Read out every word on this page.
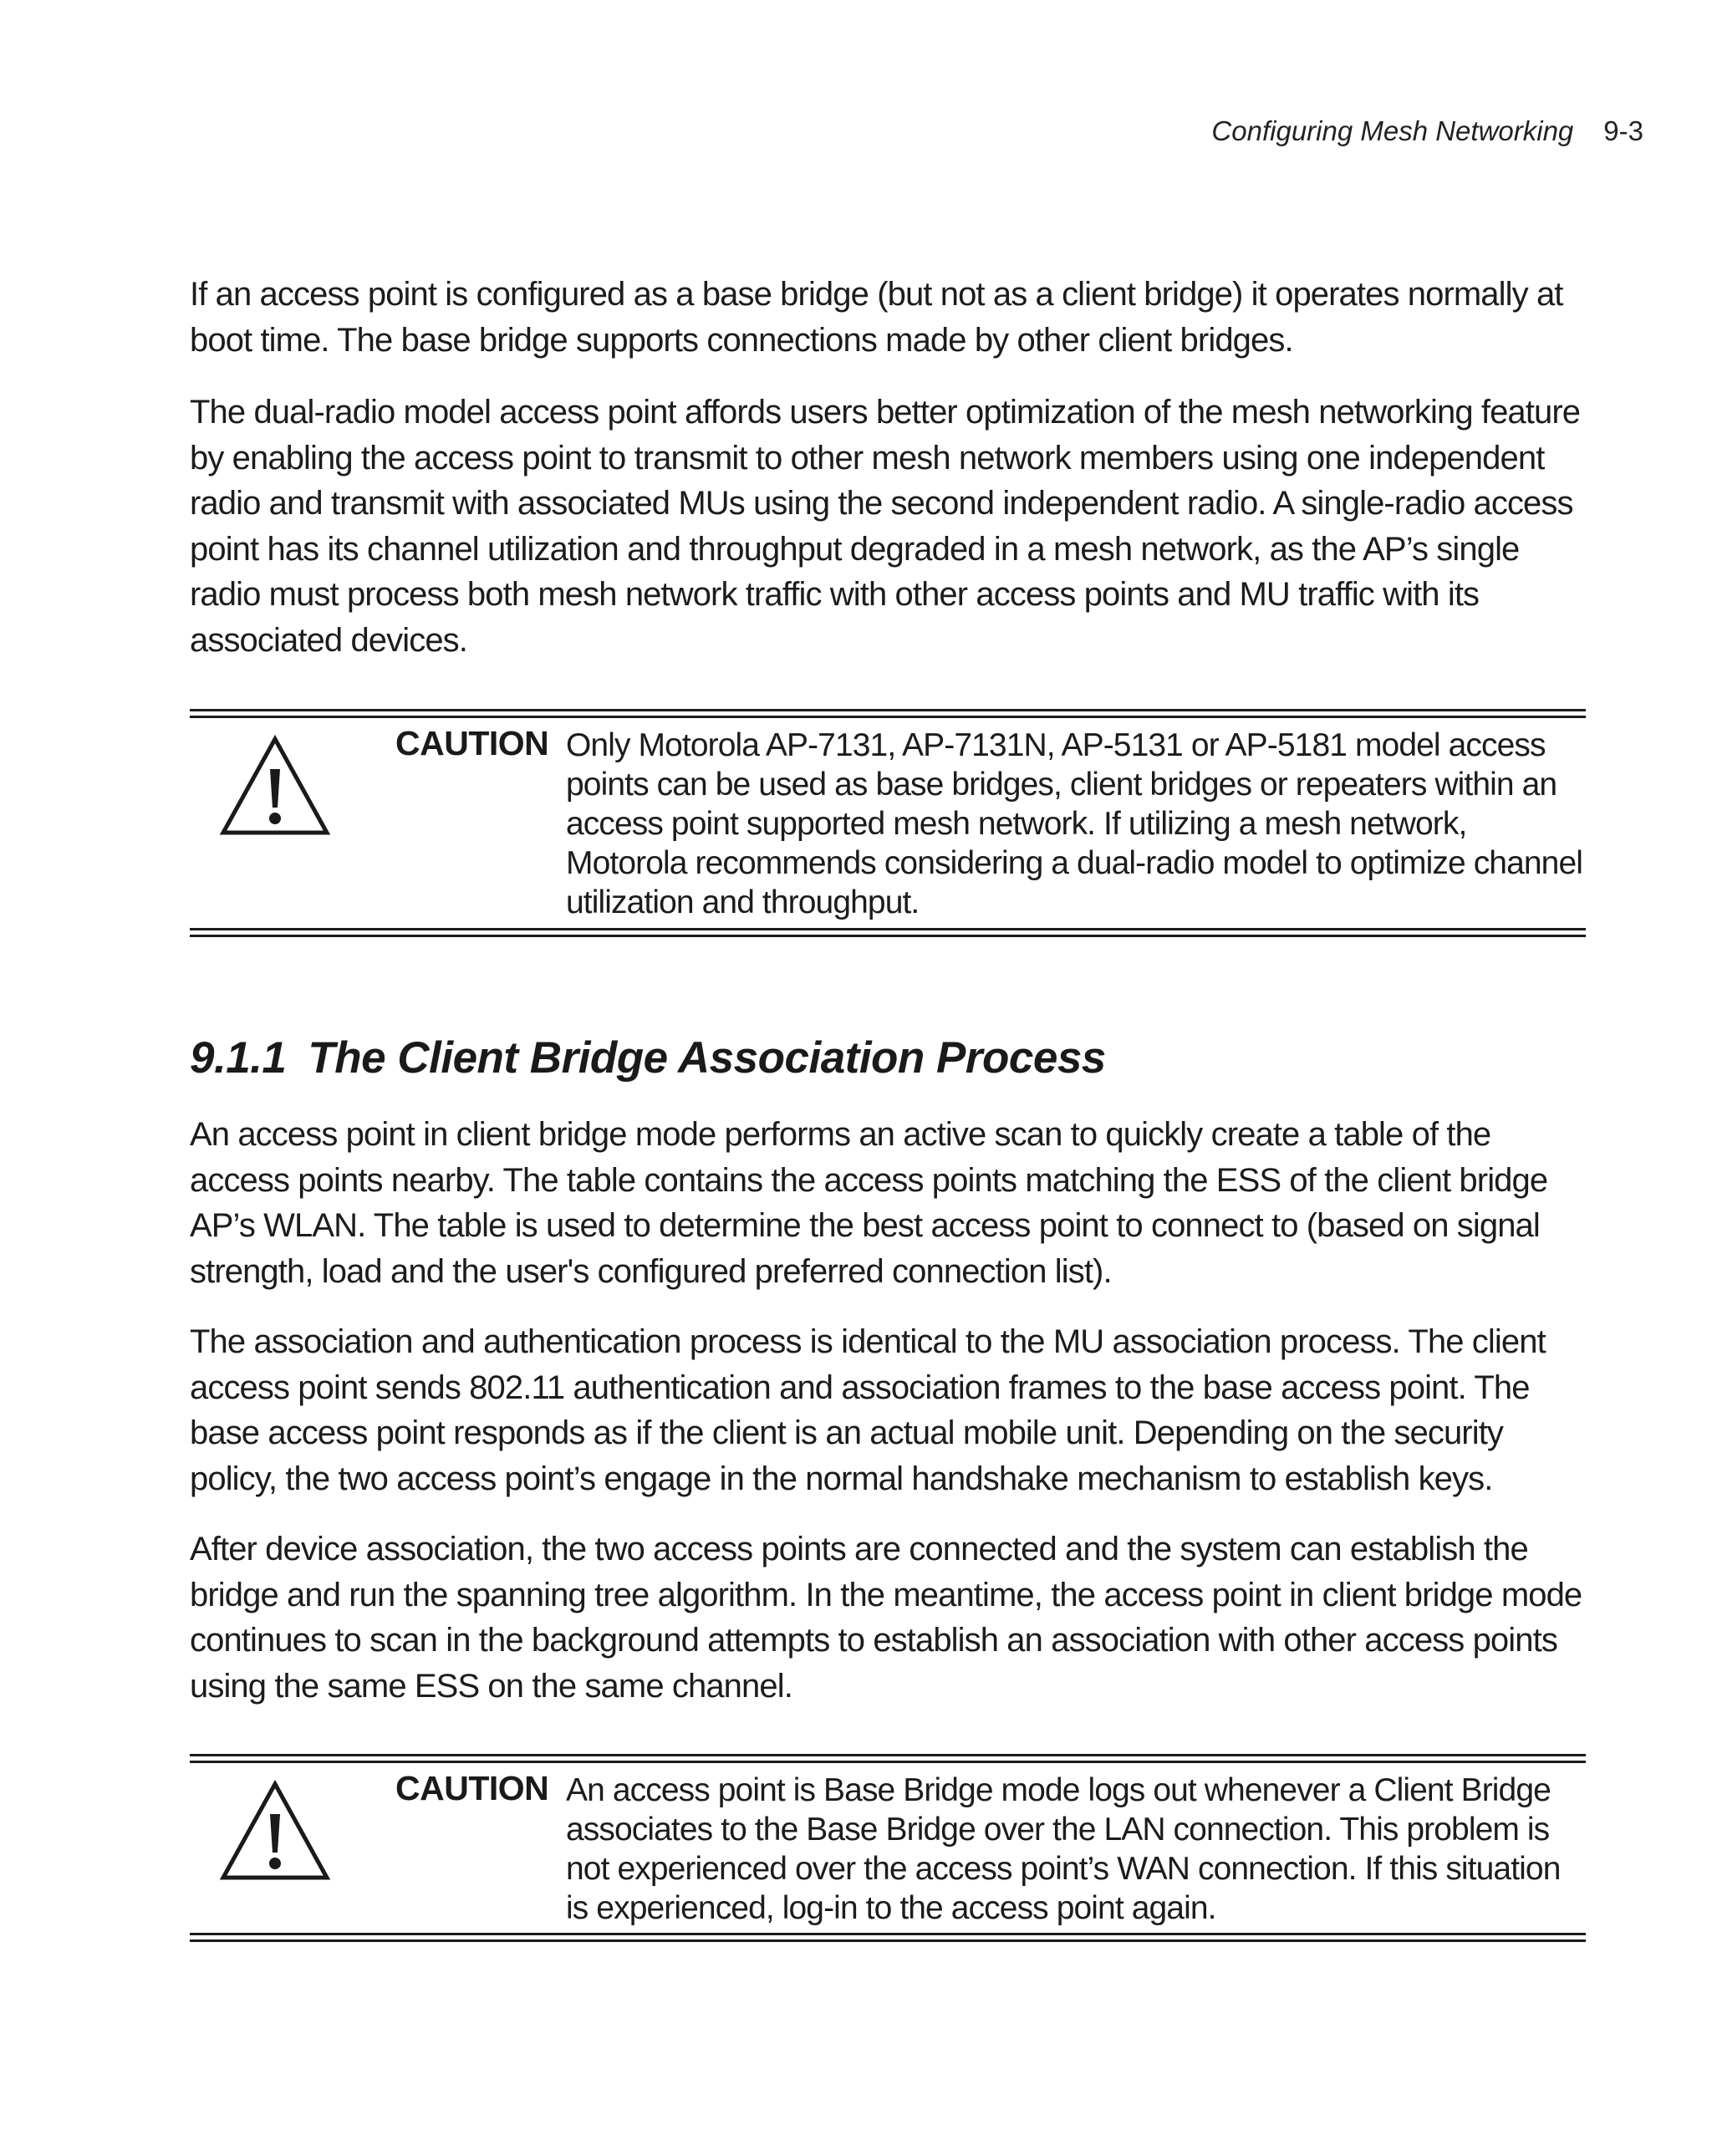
Configuring Mesh Networking 9-3

If an access point is configured as a base bridge (but not as a client bridge) it operates normally at boot time. The base bridge supports connections made by other client bridges.

The dual-radio model access point affords users better optimization of the mesh networking feature by enabling the access point to transmit to other mesh network members using one independent radio and transmit with associated MUs using the second independent radio. A single-radio access point has its channel utilization and throughput degraded in a mesh network, as the AP’s single radio must process both mesh network traffic with other access points and MU traffic with its associated devices.

CAUTION Only Motorola AP-7131, AP-7131N, AP-5131 or AP-5181 model access points can be used as base bridges, client bridges or repeaters within an access point supported mesh network. If utilizing a mesh network, Motorola recommends considering a dual-radio model to optimize channel utilization and throughput.

9.1.1 The Client Bridge Association Process

An access point in client bridge mode performs an active scan to quickly create a table of the access points nearby. The table contains the access points matching the ESS of the client bridge AP’s WLAN. The table is used to determine the best access point to connect to (based on signal strength, load and the user's configured preferred connection list).

The association and authentication process is identical to the MU association process. The client access point sends 802.11 authentication and association frames to the base access point. The base access point responds as if the client is an actual mobile unit. Depending on the security policy, the two access point’s engage in the normal handshake mechanism to establish keys.

After device association, the two access points are connected and the system can establish the bridge and run the spanning tree algorithm. In the meantime, the access point in client bridge mode continues to scan in the background attempts to establish an association with other access points using the same ESS on the same channel.

CAUTION An access point is Base Bridge mode logs out whenever a Client Bridge associates to the Base Bridge over the LAN connection. This problem is not experienced over the access point’s WAN connection. If this situation is experienced, log-in to the access point again.
